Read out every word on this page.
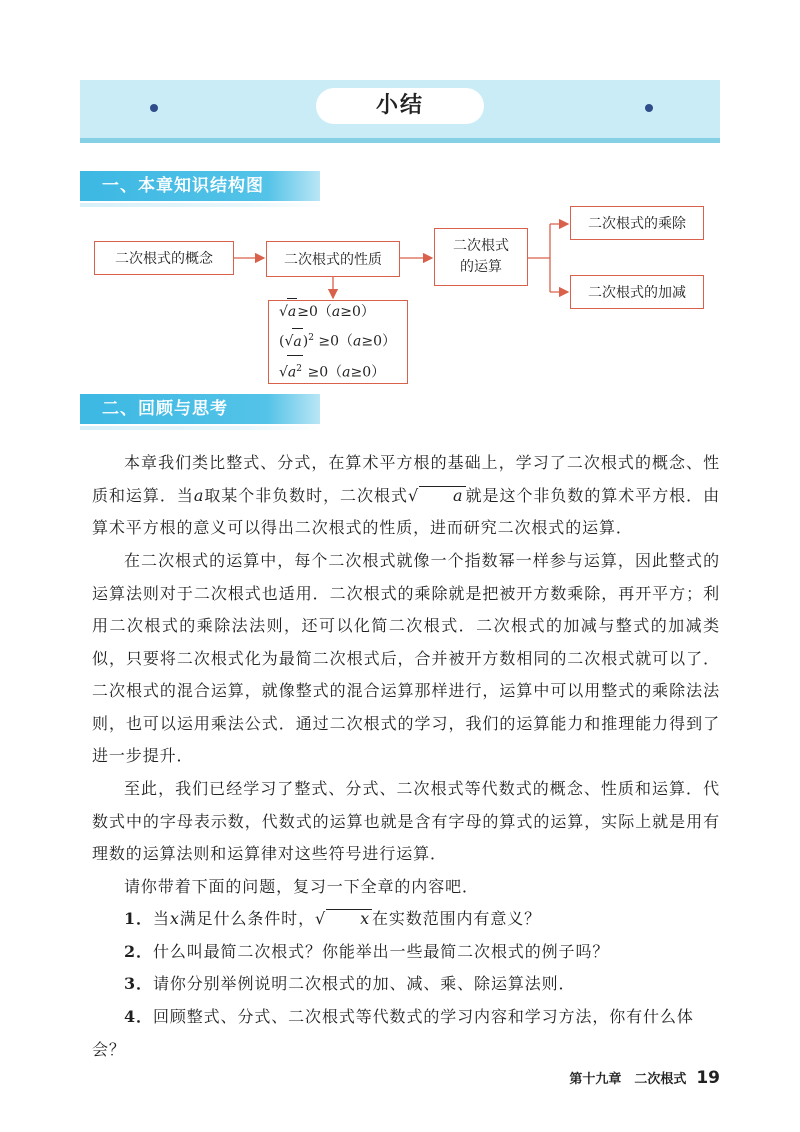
小结
一、本章知识结构图
二次根式的概念	二次根式的性质
二次根式
的运算
二次根式的乘除
二次根式的加减
√a≥0（a≥0）
$(√a)^2 \ge 0(a\ge 0)$
$√a^2 \ge 0(a\ge 0)$
二、回顾与思考

本章我们类比整式、分式，在算术平方根的基础上，学习了二次根式的概念、性质和运算．当a取某个非负数时，二次根式√ a 就是这个非负数的算术平方根．由算术平方根的意义可以得出二次根式的性质，进而研究二次根式的运算．

在二次根式的运算中，每个二次根式就像一个指数幂一样参与运算，因此整式的运算法则对于二次根式也适用．二次根式的乘除就是把被开方数乘除，再开平方；利用二次根式的乘除法法则，还可以化简二次根式．二次根式的加减与整式的加减类似，只要将二次根式化为最简二次根式后，合并被开方数相同的二次根式就可以了．二次根式的混合运算，就像整式的混合运算那样进行，运算中可以用整式的乘除法法则，也可以运用乘法公式．通过二次根式的学习，我们的运算能力和推理能力得到了进一步提升．

至此，我们已经学习了整式、分式、二次根式等代数式的概念、性质和运算．代数式中的字母表示数，代数式的运算也就是含有字母的算式的运算，实际上就是用有理数的运算法则和运算律对这些符号进行运算．

请你带着下面的问题，复习一下全章的内容吧．

1．当x满足什么条件时，√ x 在实数范围内有意义？

2．什么叫最简二次根式？你能举出一些最简二次根式的例子吗？

3．请你分别举例说明二次根式的加、减、乘、除运算法则．

4．回顾整式、分式、二次根式等代数式的学习内容和学习方法，你有什么体会？

第十九章　二次根式 19
